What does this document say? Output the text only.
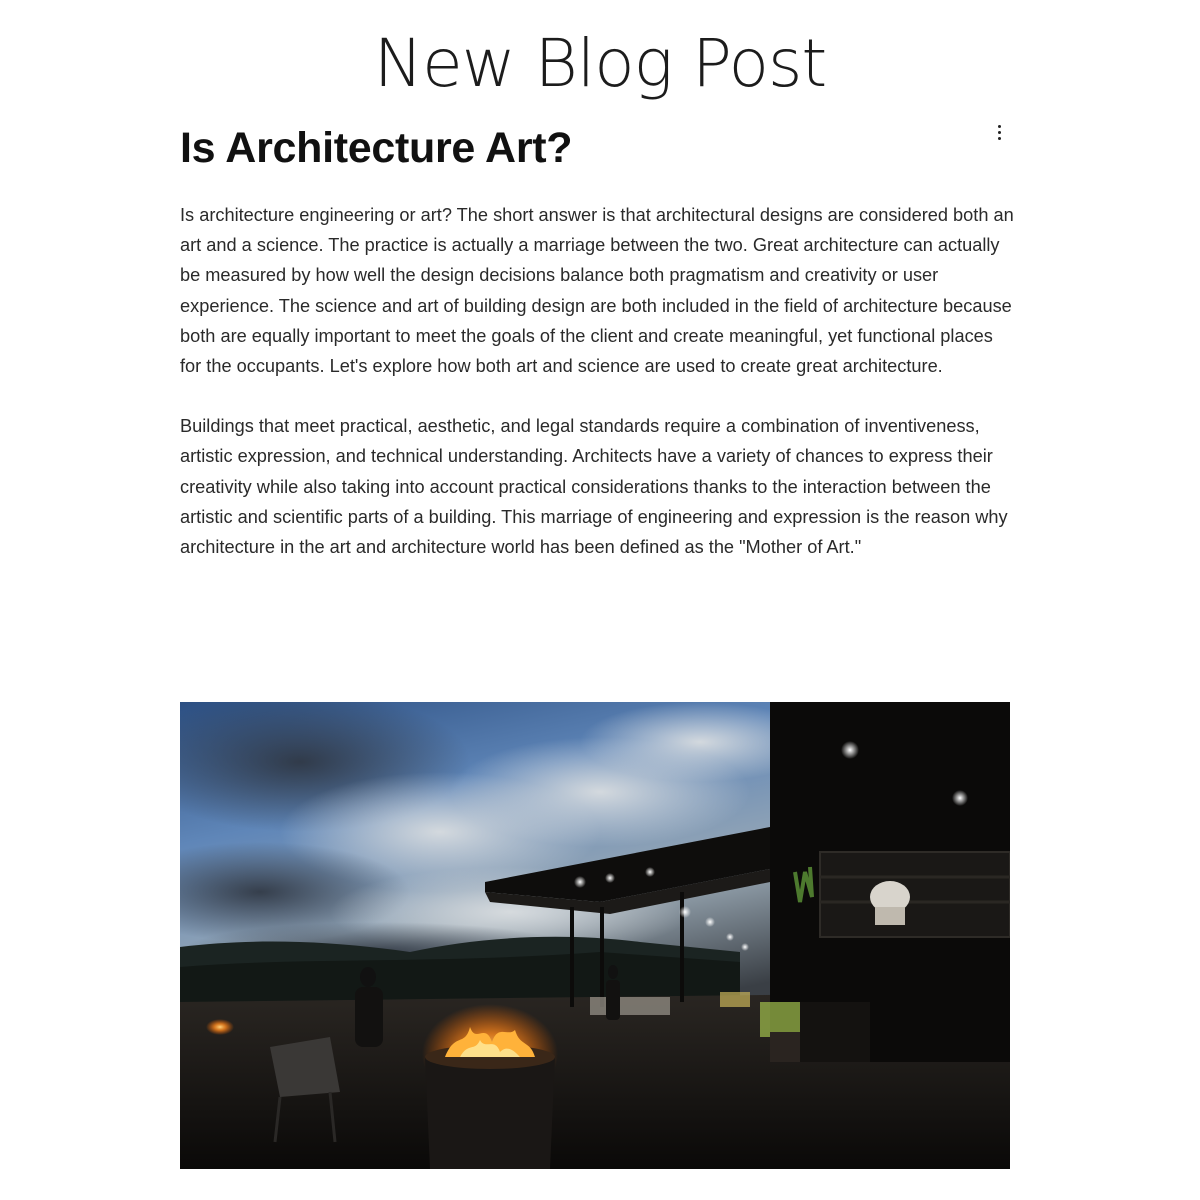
New Blog Post
Is Architecture Art?

Is architecture engineering or art? The short answer is that architectural designs are considered both an art and a science. The practice is actually a marriage between the two. Great architecture can actually be measured by how well the design decisions balance both pragmatism and creativity or user experience. The science and art of building design are both included in the field of architecture because both are equally important to meet the goals of the client and create meaningful, yet functional places for the occupants. Let's explore how both art and science are used to create great architecture.

Buildings that meet practical, aesthetic, and legal standards require a combination of inventiveness, artistic expression, and technical understanding. Architects have a variety of chances to express their creativity while also taking into account practical considerations thanks to the interaction between the artistic and scientific parts of a building. This marriage of engineering and expression is the reason why architecture in the art and architecture world has been defined as the "Mother of Art."
